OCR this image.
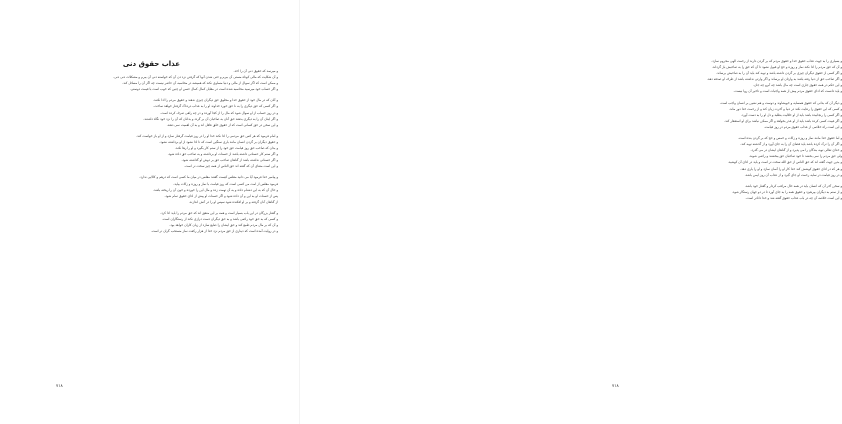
عذاب حقوق دنی
و میرسد که حقوق دنی آن را اخذ.
و آن شکایت که مالی کوتاه مستی آن ببرم و حتی شدن آنها که گرفتن نزد دن آن که خواسته دنی آن ببرم و مشکلات دنی دنی.
و ممکن است که اگر سوال از مالی و دنیا مساوی نکند که همیشه در محاسبه آن حاضر نیست چه اگر آن را مسائل کند.
و اگر حساب خود میرسید محاسبه شده است در مقابل کمال کمال حسن او چنین که خوب است با قیمت دوستی.
و آنان که در مال خود از حقوق خدا و مخلوق حق دیگران چیزی ندهند و حقوق مردم را ادا نکنند.
و اگر کسی که حق دیگری را به نا حق خورد خداوند او را به عذاب دردناک گرفتار خواهد ساخت.
و در روز حساب از او سوال شود که مال را از کجا آورده و در چه راهی صرف کرده است.
و اگر اینان آن را به دیگری بدهند حق آنان به صاحبان آن بر گردد و بدانان که آن را نزد خود نگاه داشتند.
و این سخن در حق کسانی است که از حقوق خلق غافل اند و به آن اهمیت نمی دهند.
و امام فرمود که هر کس حق مردمی را ادا نکند خدا او را در روز قیامت گرفتار سازد و از او باز خواست کند.
و حقوق دیگران بر گردن انسان مانند باری سنگین است که تا ادا نشود از او برداشته نشود.
و بدان که صاحب حق روز قیامت حق خود را از ستم کار بگیرد و او را رها نکند.
و اگر ستم کار حسناتی داشته باشد از حسنات او برداشته و به صاحب حق داده شود.
و اگر حسناتی نداشته باشد از گناهان صاحب حق بر دوش او گذاشته شود.
و این است معنای آن که گفته اند حق الناس از همه چیز سخت تر است.
و پیامبر خدا فرمود آیا می دانید مفلس کیست گفتند مفلس در میان ما کسی است که درهم و کالایی ندارد.
فرمود مفلس از امت من کسی است که روز قیامت با نماز و روزه و زکات بیاید.
و حال آن که به این دشنام داده و به آن تهمت زده و مال این را خورده و خون آن را ریخته باشد.
پس از حسنات او به این و آن داده شود و اگر حسنات او پیش از ادای حقوق تمام شود.
از گناهان آنان گرفته و بر او افکنده شود سپس او را در آتش اندازند.
و گفتار بزرگان در این باب بسیار است و همه بر این متفق اند که حق مردم را باید ادا کرد.
و کسی که به حق خود راضی باشد و به حق دیگران دست درازی نکند از رستگاران است.
و آن که بر مال مردم طمع کند و حق ایشان را ضایع سازد از زیان کاران خواهد بود.
و در روایت آمده است که دیناری از حق مردم نزد خدا از هزار رکعت نماز مستحب گران تر است.
۷۱۸
و بسیاری را به جهت عذاب حقوق خدا و حقوق مردم که بر گردن دارند از رحمت الهی محروم سازد.
و آن که حق مردم را ادا نکند نماز و روزه و حج او قبول نشود تا آن که حق را به صاحبش باز گرداند.
و اگر کسی از حقوق دیگران چیزی بر گردن داشته باشد و توبه کند باید آن را به صاحبش برساند.
و اگر صاحب حق از دنیا رفته باشد به وارثان او برساند و اگر وارثی نداشته باشد از طرف او صدقه دهد.
و این حکم در همه حقوق جاری است چه مال باشد چه آبرو چه جان.
و باید دانست که ادای حقوق مردم پیش از همه واجبات است و تاخیر آن روا نیست.
و دیگر آن که بدانی که حقوق همسایه و خویشاوند و دوست و هم نشین بر انسان واجب است.
و کسی که این حقوق را رعایت نکند در دنیا و آخرت زیان کند و از رحمت خدا دور ماند.
و اگر کسی را رنجانیده باشد باید از او حلالیت بطلبد و دل او را به دست آورد.
و اگر غیبت کسی کرده باشد باید از او عذر بخواهد و اگر ممکن نباشد برای او استغفار کند.
و این است راه خلاصی از عذاب حقوق مردم در روز قیامت.
و اما حقوق خدا مانند نماز و روزه و زکات و خمس و حج که بر گردن بنده است.
و اگر آن را ترک کرده باشد باید قضای آن را به جای آورد و از گذشته توبه کند.
و خدای تعالی توبه بندگان را می پذیرد و از گناهان ایشان در می گذرد.
ولی حق مردم را نمی بخشد تا خود صاحبان حق ببخشند و راضی شوند.
و بدین جهت گفته اند که حق الناس از حق الله سخت تر است و باید در ادای آن کوشید.
و هر که در ادای حقوق کوشش کند خدا کار او را آسان سازد و او را یاری دهد.
و در روز قیامت در سایه رحمت او جای گیرد و از عذاب آن روز ایمن باشد.
و سخن آخر آن که انسان باید در همه حال مراقب کردار و گفتار خود باشد.
و از ستم به دیگران بپرهیزد و حقوق همه را به جای آورد تا در دو جهان رستگار شود.
و این است خلاصه آن چه در باب عذاب حقوق گفته شد و خدا داناتر است.
۷۱۸
